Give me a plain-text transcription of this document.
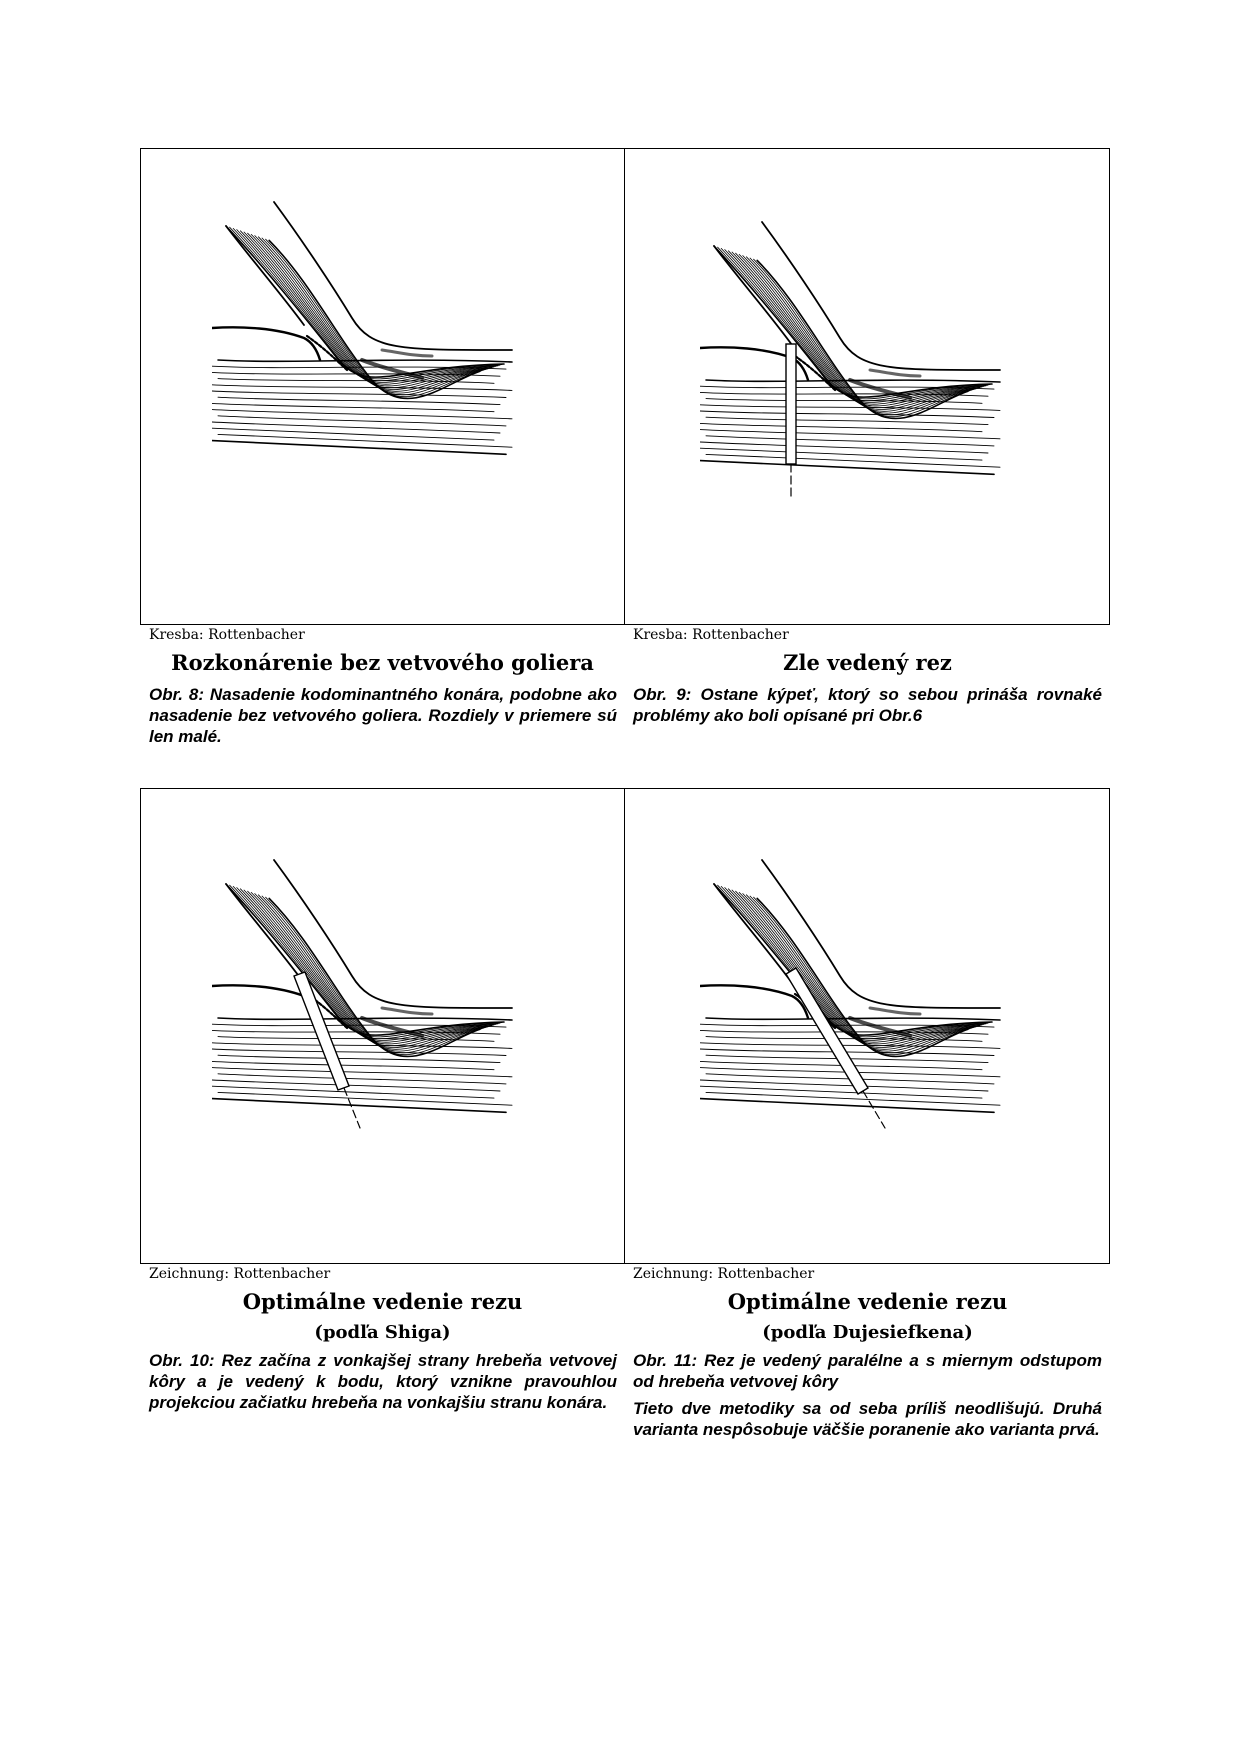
Kresba: Rottenbacher
Rozkonárenie bez vetvového goliera

Obr. 8: Nasadenie kodominantného konára, podobne ako nasadenie bez vetvového goliera. Rozdiely v priemere sú len malé.

Kresba: Rottenbacher
Zle vedený rez

Obr. 9: Ostane kýpeť, ktorý so sebou prináša rovnaké problémy ako boli opísané pri Obr.6

Zeichnung: Rottenbacher
Optimálne vedenie rezu
(podľa Shiga)

Obr. 10: Rez začína z vonkajšej strany hrebeňa vetvovej kôry a je vedený k bodu, ktorý vznikne pravouhlou projekciou začiatku hrebeňa na vonkajšiu stranu konára.

Zeichnung: Rottenbacher
Optimálne vedenie rezu
(podľa Dujesiefkena)

Obr. 11: Rez je vedený paralélne a s miernym odstupom od hrebeňa vetvovej kôry

Tieto dve metodiky sa od seba príliš neodlišujú. Druhá varianta nespôsobuje väčšie poranenie ako varianta prvá.
